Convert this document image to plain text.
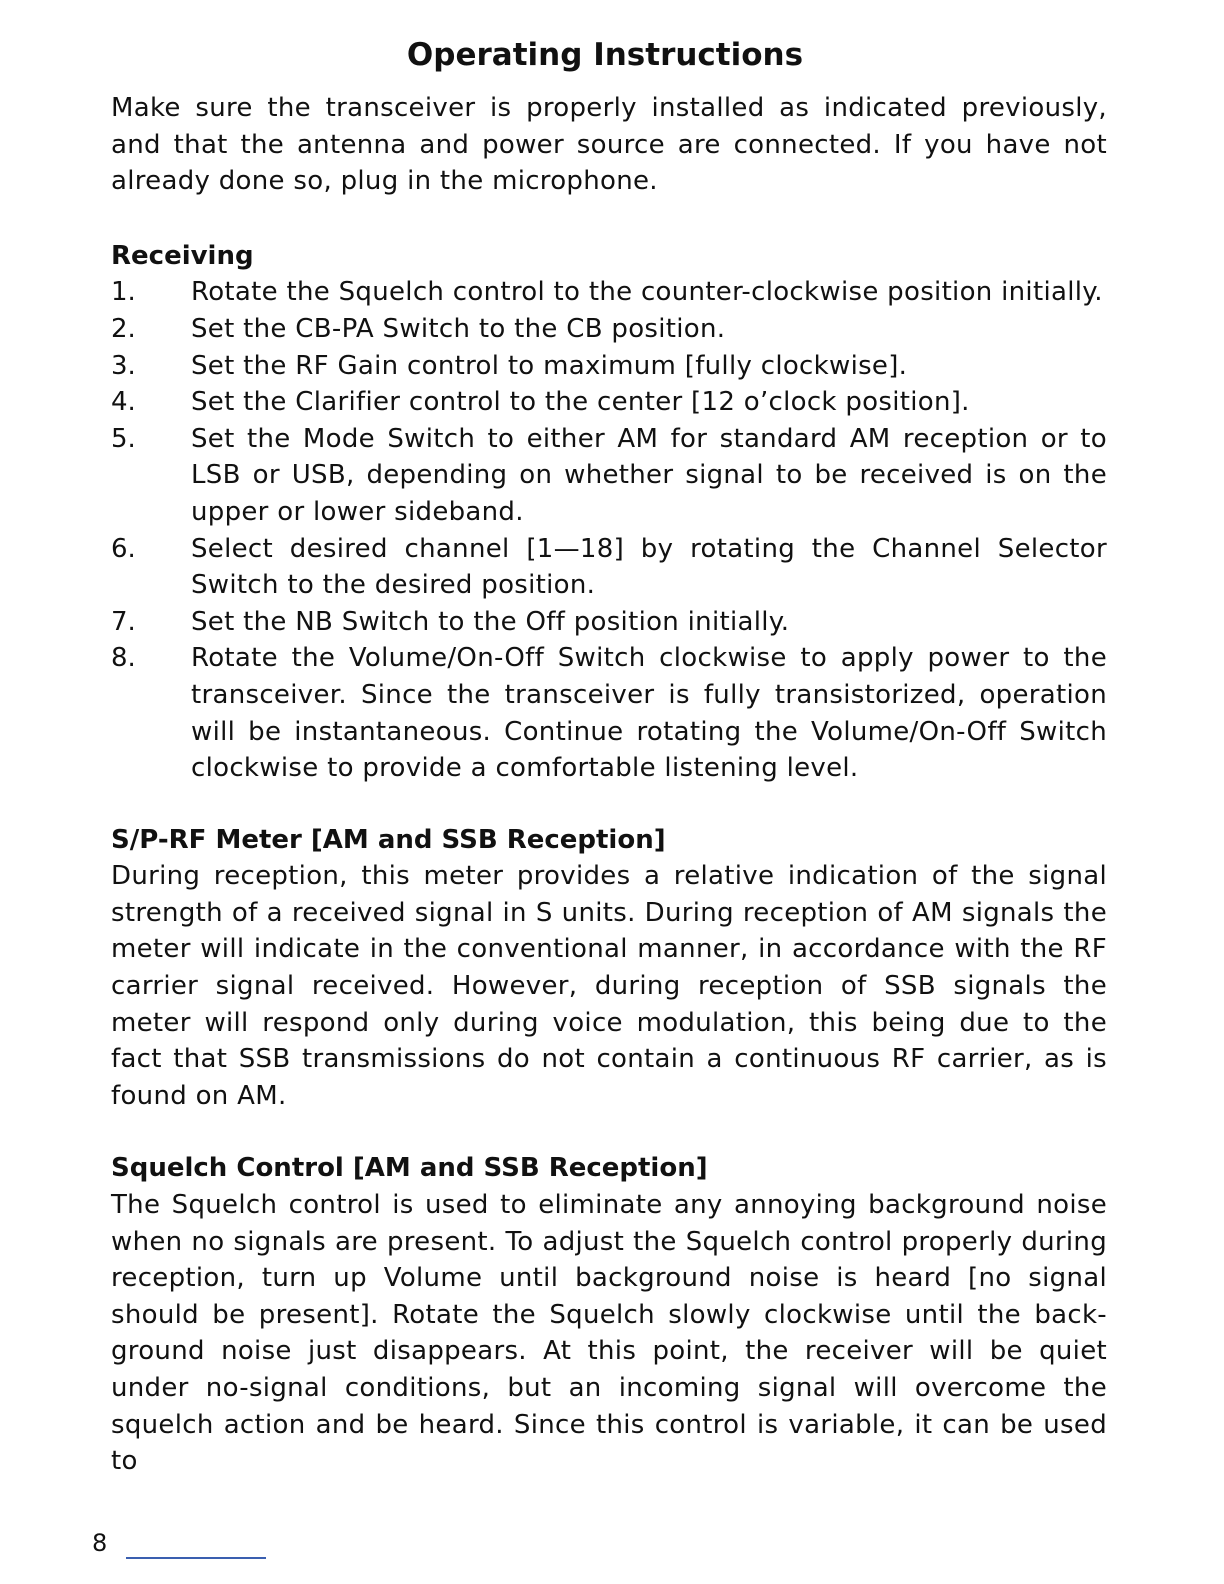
Operating Instructions

Make sure the transceiver is properly installed as indicated previously, and that the antenna and power source are connected. If you have not already done so, plug in the microphone.

Receiving
1.	Rotate the Squelch control to the counter-clockwise position initially.
2.	Set the CB-PA Switch to the CB position.
3.	Set the RF Gain control to maximum [fully clockwise].
4.	Set the Clarifier control to the center [12 o’clock position].
5.	Set the Mode Switch to either AM for standard AM reception or to LSB or USB, depending on whether signal to be received is on the upper or lower sideband.
6.	Select desired channel [1—18] by rotating the Channel Selector Switch to the desired position.
7.	Set the NB Switch to the Off position initially.
8.	Rotate the Volume/On-Off Switch clockwise to apply power to the transceiver. Since the transceiver is fully transistorized, operation will be instantaneous. Continue rotating the Volume/On-Off Switch clockwise to provide a comfortable listening level.
S/P-RF Meter [AM and SSB Reception]

During reception, this meter provides a relative indication of the signal strength of a received signal in S units. During reception of AM signals the meter will indicate in the conventional manner, in accordance with the RF carrier signal received. However, during reception of SSB signals the meter will respond only during voice modulation, this being due to the fact that SSB transmissions do not contain a continuous RF carrier, as is found on AM.

Squelch Control [AM and SSB Reception]

The Squelch control is used to eliminate any annoying background noise when no signals are present. To adjust the Squelch control properly during reception, turn up Volume until background noise is heard [no signal should be present]. Rotate the Squelch slowly clockwise until the back-ground noise just disappears. At this point, the receiver will be quiet under no-signal conditions, but an incoming signal will overcome the squelch action and be heard. Since this control is variable, it can be used to

8
